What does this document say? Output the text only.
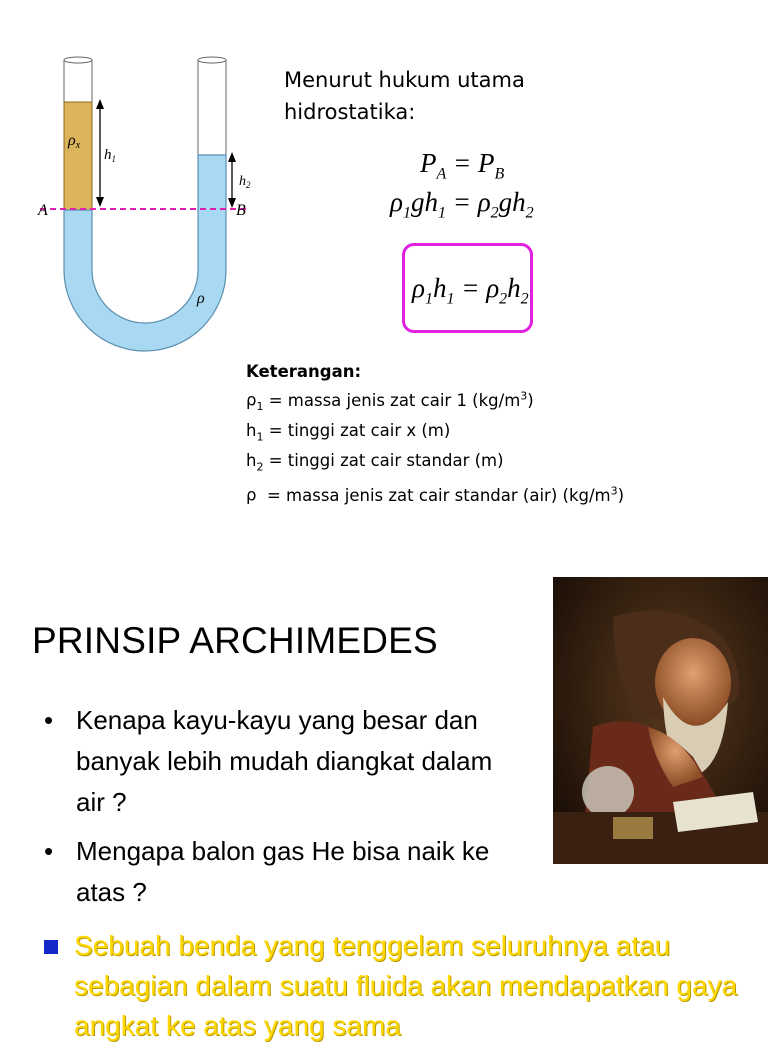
ρx
$h_1$
$h_2$
A	B
ρ
Menurut hukum utama hidrostatika:
$P_A = P_B$
$\rho_1gh_1 = \rho_2gh_2$
$\rho_1h_1 = \rho_2h_2$
Keterangan:
$\rho_1$ = massa jenis zat cair 1 $(kg/m^3)$
$h_1$ = tinggi zat cair x (m)
$h_2$ = tinggi zat cair standar (m)
ρ  = massa jenis zat cair standar (air) $(kg/m^3)$
PRINSIP ARCHIMEDES
• Kenapa kayu-kayu yang besar dan banyak lebih mudah diangkat dalam air ?
• Mengapa balon gas He bisa naik ke atas ?
Sebuah benda yang tenggelam seluruhnya atau sebagian dalam suatu fluida akan mendapatkan gaya angkat ke atas yang sama
